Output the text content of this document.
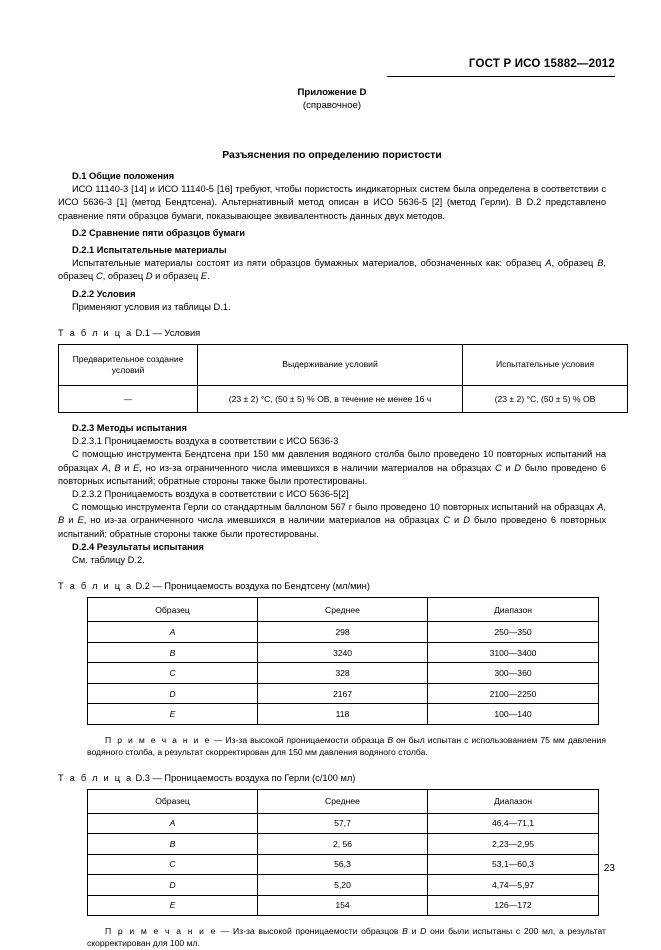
ГОСТ Р ИСО 15882—2012
Приложение D
(справочное)
Разъяснения по определению пористости
D.1 Общие положения

ИСО 11140-3 [14] и ИСО 11140-5 [16] требуют, чтобы пористость индикаторных систем была определена в соответствии с ИСО 5636-3 [1] (метод Бендтсена). Альтернативный метод описан в ИСО 5636-5 [2] (метод Герли). В D.2 представлено сравнение пяти образцов бумаги, показывающее эквивалентность данных двух методов.

D.2 Сравнение пяти образцов бумаги
D.2.1 Испытательные материалы

Испытательные материалы состоят из пяти образцов бумажных материалов, обозначенных как: образец A, образец B, образец C, образец D и образец E.

D.2.2 Условия

Применяют условия из таблицы D.1.

Т а б л и ц а D.1 — Условия
Предварительное создание условий	Выдерживание условий	Испытательные условия
—	(23 ± 2) °С, (50 ± 5) % ОВ, в течение не менее 16 ч	(23 ± 2) °С, (50 ± 5) % ОВ
D.2.3 Методы испытания

D.2.3.1 Проницаемость воздуха в соответствии с ИСО 5636-3

С помощью инструмента Бендтсена при 150 мм давления водяного столба было проведено 10 повторных испытаний на образцах A, B и E, но из-за ограниченного числа имевшихся в наличии материалов на образцах C и D было проведено 6 повторных испытаний; обратные стороны также были протестированы.

D.2.3.2 Проницаемость воздуха в соответствии с ИСО 5636-5[2]

С помощью инструмента Герли со стандартным баллоном 567 г было проведено 10 повторных испытаний на образцах A, B и E, но из-за ограниченного числа имевшихся в наличии материалов на образцах C и D было проведено 6 повторных испытаний; обратные стороны также были протестированы.

D.2.4 Результаты испытания

См. таблицу D.2.

Т а б л и ц а D.2 — Проницаемость воздуха по Бендтсену (мл/мин)
Образец	Среднее	Диапазон
A	298	250—350
B	3240	3100—3400
C	328	300—360
D	2167	2100—2250
E	118	100—140

П р и м е ч а н и е — Из-за высокой проницаемости образца B он был испытан с использованием 75 мм давления водяного столба, а результат скорректирован для 150 мм давления водяного столба.

Т а б л и ц а D.3 — Проницаемость воздуха по Герли (с/100 мл)
Образец	Среднее	Диапазон
A	57,7	46,4—71,1
B	2, 56	2,23—2,95
C	56,3	53,1—60,3
D	5,20	4,74—5,97
E	154	126—172

П р и м е ч а н и е — Из-за высокой проницаемости образцов B и D они были испытаны с 200 мл, а результат скорректирован для 100 мл.

23
